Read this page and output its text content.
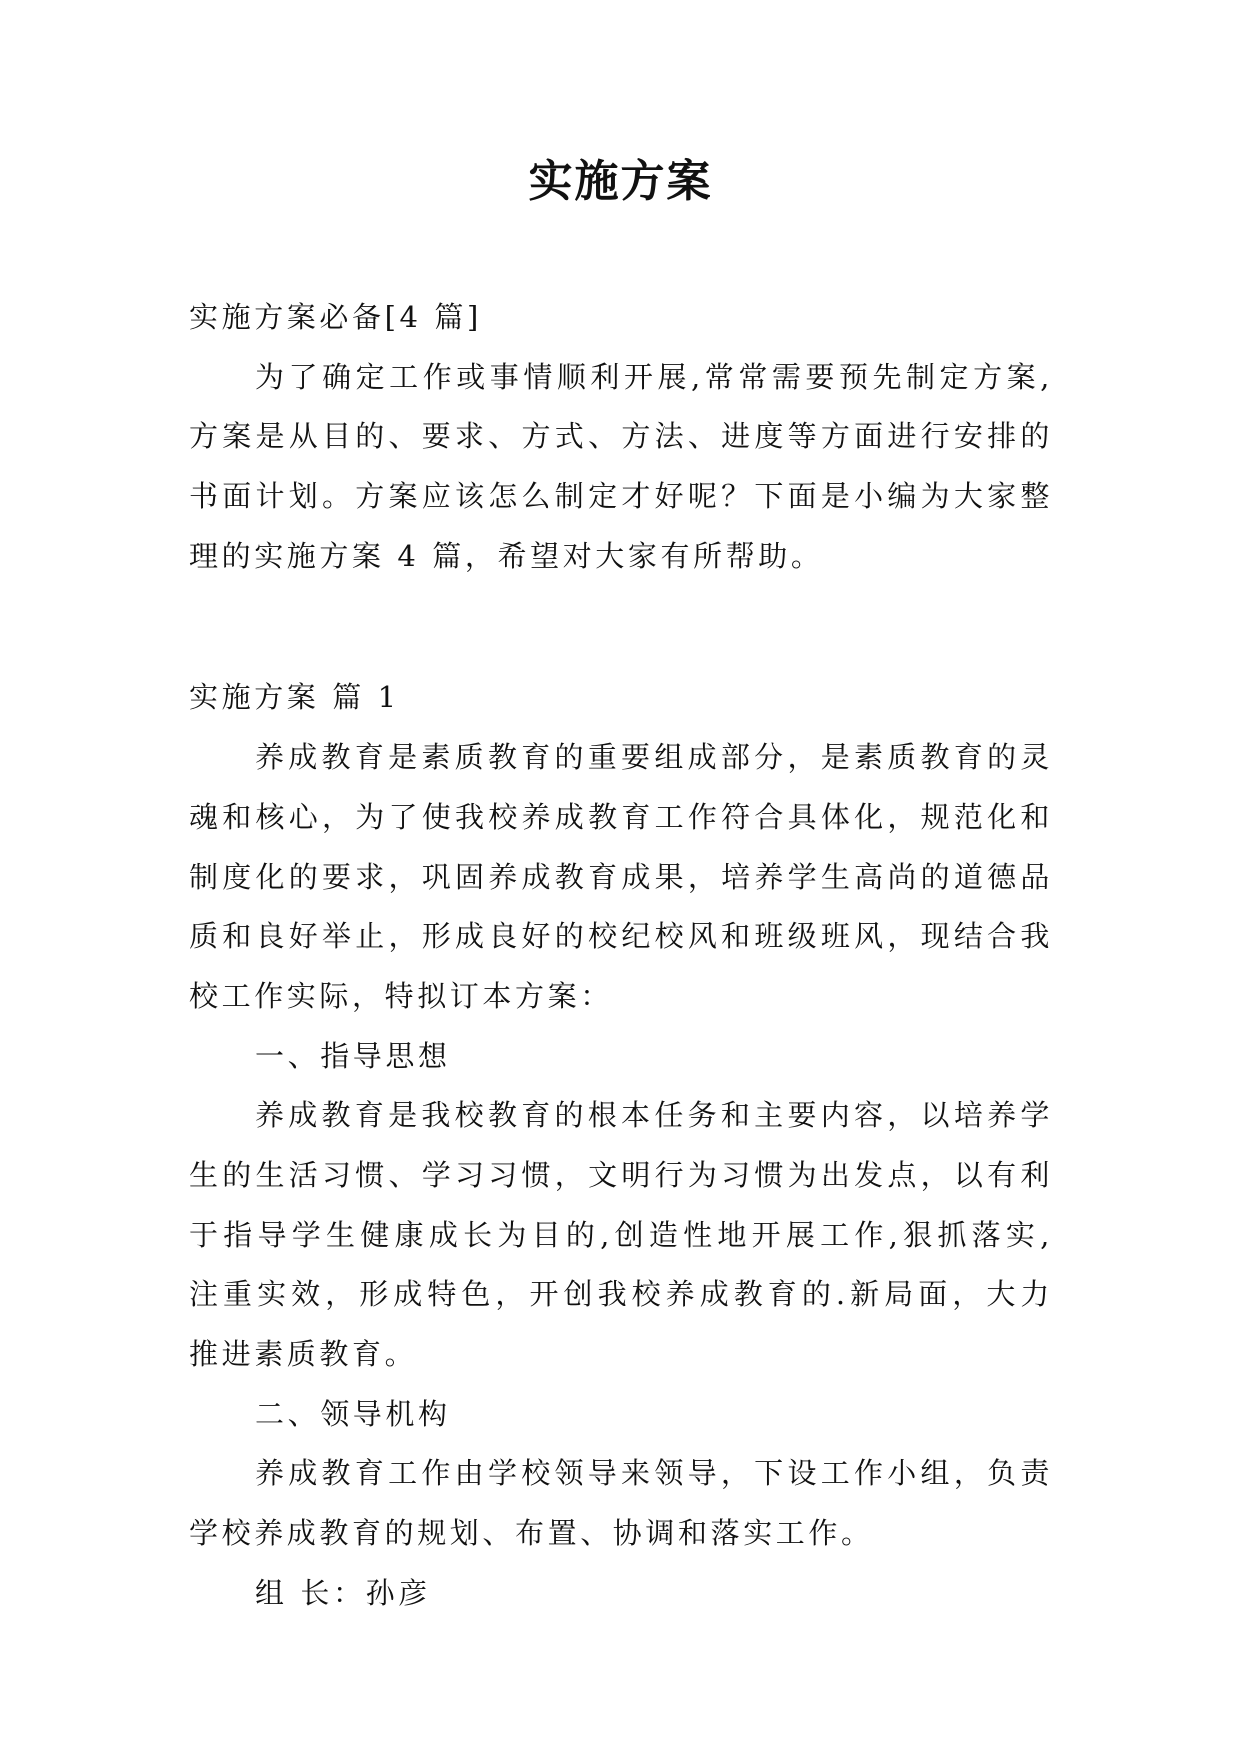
实施方案
实施方案必备[4 篇]
为了确定工作或事情顺利开展,常常需要预先制定方案,
方案是从目的、要求、方式、方法、进度等方面进行安排的
书面计划。方案应该怎么制定才好呢？下面是小编为大家整
理的实施方案 4 篇，希望对大家有所帮助。
实施方案 篇 1
养成教育是素质教育的重要组成部分，是素质教育的灵
魂和核心，为了使我校养成教育工作符合具体化，规范化和
制度化的要求，巩固养成教育成果，培养学生高尚的道德品
质和良好举止，形成良好的校纪校风和班级班风，现结合我
校工作实际，特拟订本方案：
一、指导思想
养成教育是我校教育的根本任务和主要内容，以培养学
生的生活习惯、学习习惯，文明行为习惯为出发点，以有利
于指导学生健康成长为目的,创造性地开展工作,狠抓落实,
注重实效，形成特色，开创我校养成教育的.新局面，大力
推进素质教育。
二、领导机构
养成教育工作由学校领导来领导，下设工作小组，负责
学校养成教育的规划、布置、协调和落实工作。
组 长：孙彦
